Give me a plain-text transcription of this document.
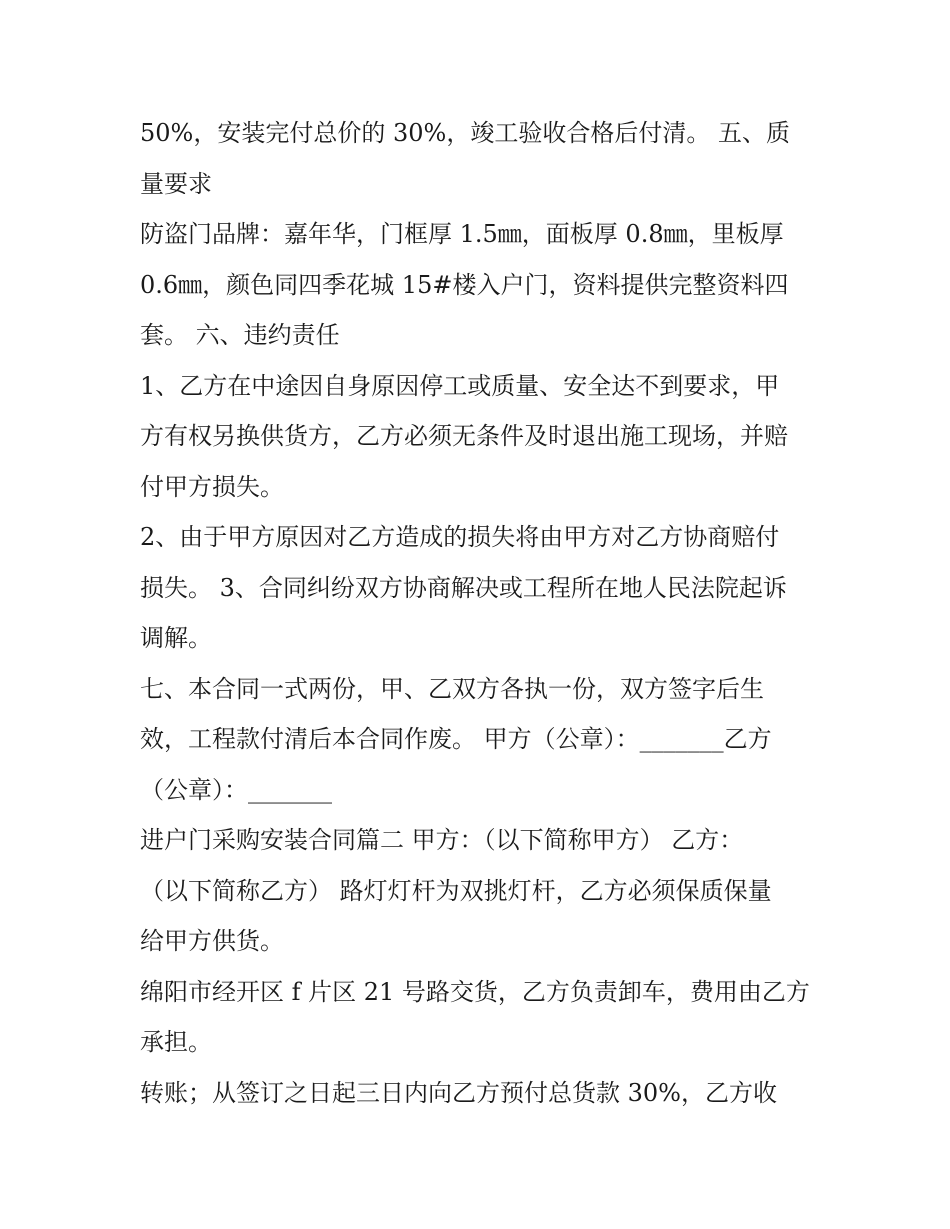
50%，安装完付总价的 30%，竣工验收合格后付清。 五、质
量要求
防盗门品牌：嘉年华，门框厚 1.5㎜，面板厚 0.8㎜，里板厚
0.6㎜，颜色同四季花城 15#楼入户门，资料提供完整资料四
套。 六、违约责任
1、乙方在中途因自身原因停工或质量、安全达不到要求，甲
方有权另换供货方，乙方必须无条件及时退出施工现场，并赔
付甲方损失。
2、由于甲方原因对乙方造成的损失将由甲方对乙方协商赔付
损失。 3、合同纠纷双方协商解决或工程所在地人民法院起诉
调解。
七、本合同一式两份，甲、乙双方各执一份，双方签字后生
效，工程款付清后本合同作废。 甲方（公章）：_______乙方
（公章）：_______
进户门采购安装合同篇二 甲方：（以下简称甲方） 乙方：
（以下简称乙方） 路灯灯杆为双挑灯杆，乙方必须保质保量
给甲方供货。
绵阳市经开区 f 片区 21 号路交货，乙方负责卸车，费用由乙方
承担。
转账；从签订之日起三日内向乙方预付总货款 30%，乙方收
